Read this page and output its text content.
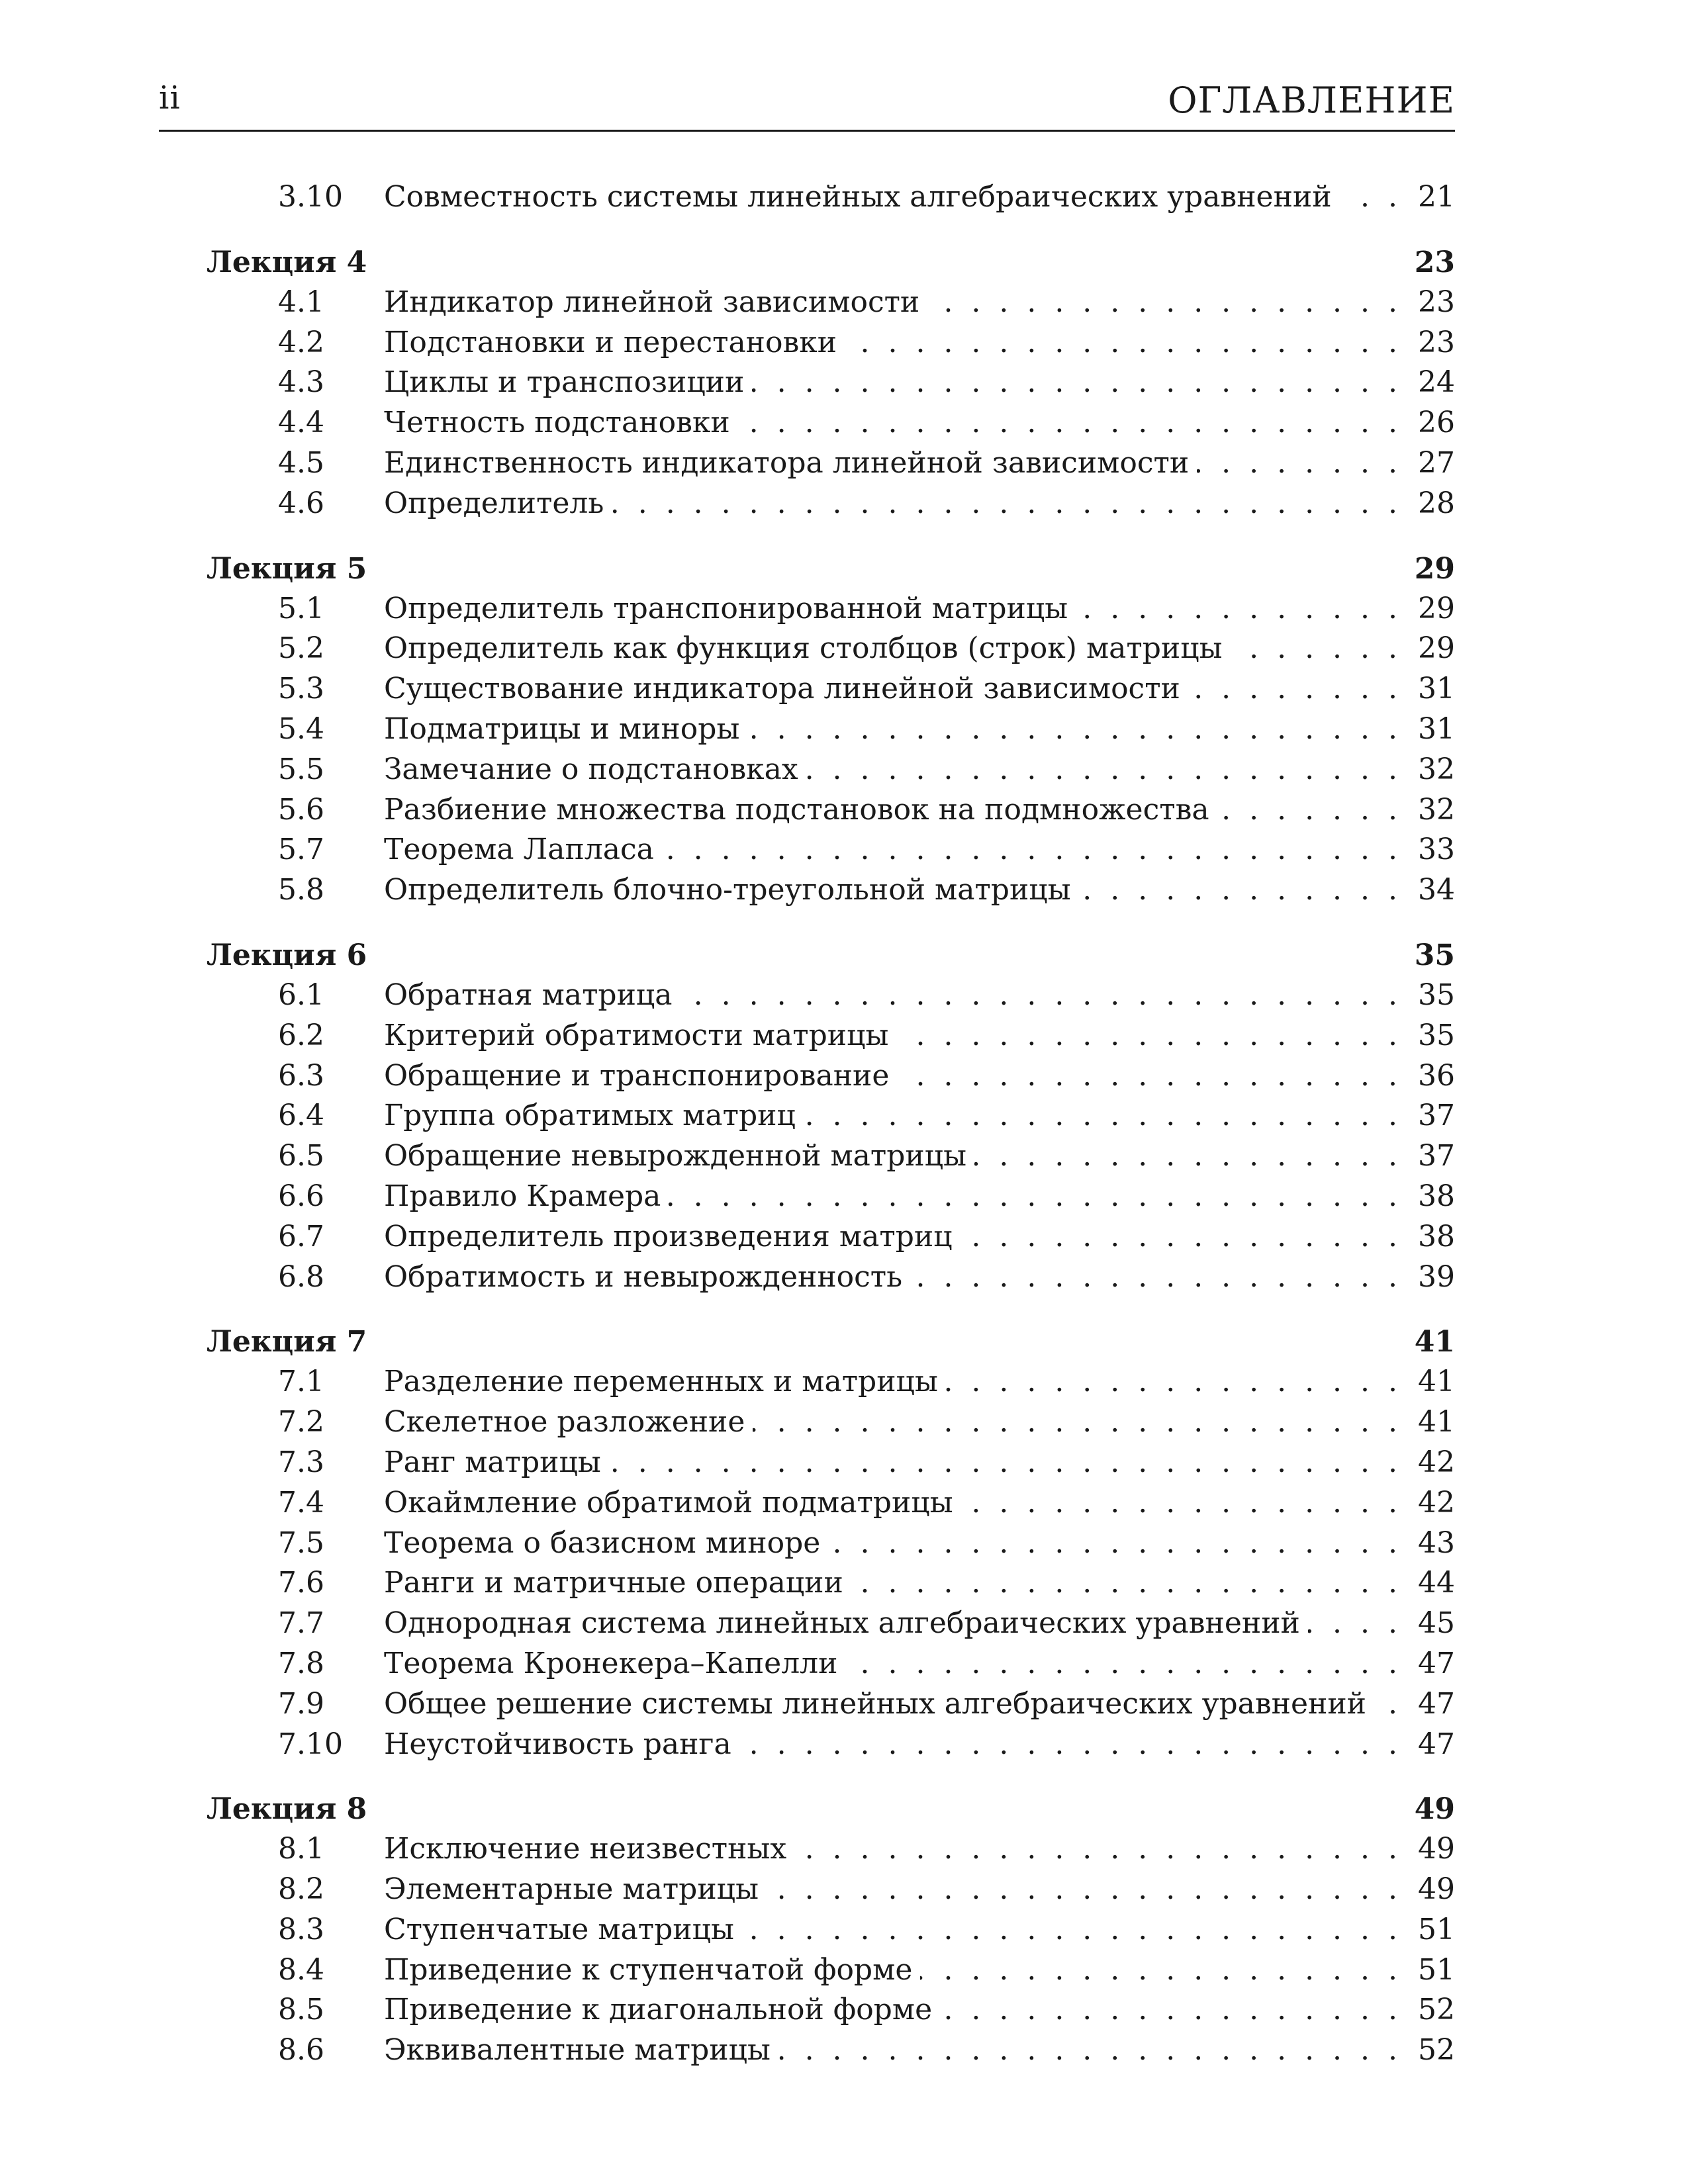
ii	ОГЛАВЛЕНИЕ
3.10	Совместность системы линейных алгебраических уравнений . . .	21
Лекция 4	23
4.1	Индикатор линейной зависимости . . .	23
4.2	Подстановки и перестановки . . .	23
4.3	Циклы и транспозиции . . .	24
4.4	Четность подстановки . . .	26
4.5	Единственность индикатора линейной зависимости . . .	27
4.6	Определитель . . .	28
Лекция 5	29
5.1	Определитель транспонированной матрицы . . .	29
5.2	Определитель как функция столбцов (строк) матрицы . . .	29
5.3	Существование индикатора линейной зависимости . . .	31
5.4	Подматрицы и миноры . . .	31
5.5	Замечание о подстановках . . .	32
5.6	Разбиение множества подстановок на подмножества . . .	32
5.7	Теорема Лапласа . . .	33
5.8	Определитель блочно-треугольной матрицы . . .	34
Лекция 6	35
6.1	Обратная матрица . . .	35
6.2	Критерий обратимости матрицы . . .	35
6.3	Обращение и транспонирование . . .	36
6.4	Группа обратимых матриц . . .	37
6.5	Обращение невырожденной матрицы . . .	37
6.6	Правило Крамера . . .	38
6.7	Определитель произведения матриц . . .	38
6.8	Обратимость и невырожденность . . .	39
Лекция 7	41
7.1	Разделение переменных и матрицы . . .	41
7.2	Скелетное разложение . . .	41
7.3	Ранг матрицы . . .	42
7.4	Окаймление обратимой подматрицы . . .	42
7.5	Теорема о базисном миноре . . .	43
7.6	Ранги и матричные операции . . .	44
7.7	Однородная система линейных алгебраических уравнений . . .	45
7.8	Теорема Кронекера–Капелли . . .	47
7.9	Общее решение системы линейных алгебраических уравнений . . .	47
7.10	Неустойчивость ранга . . .	47
Лекция 8	49
8.1	Исключение неизвестных . . .	49
8.2	Элементарные матрицы . . .	49
8.3	Ступенчатые матрицы . . .	51
8.4	Приведение к ступенчатой форме . . .	51
8.5	Приведение к диагональной форме . . .	52
8.6	Эквивалентные матрицы . . .	52
